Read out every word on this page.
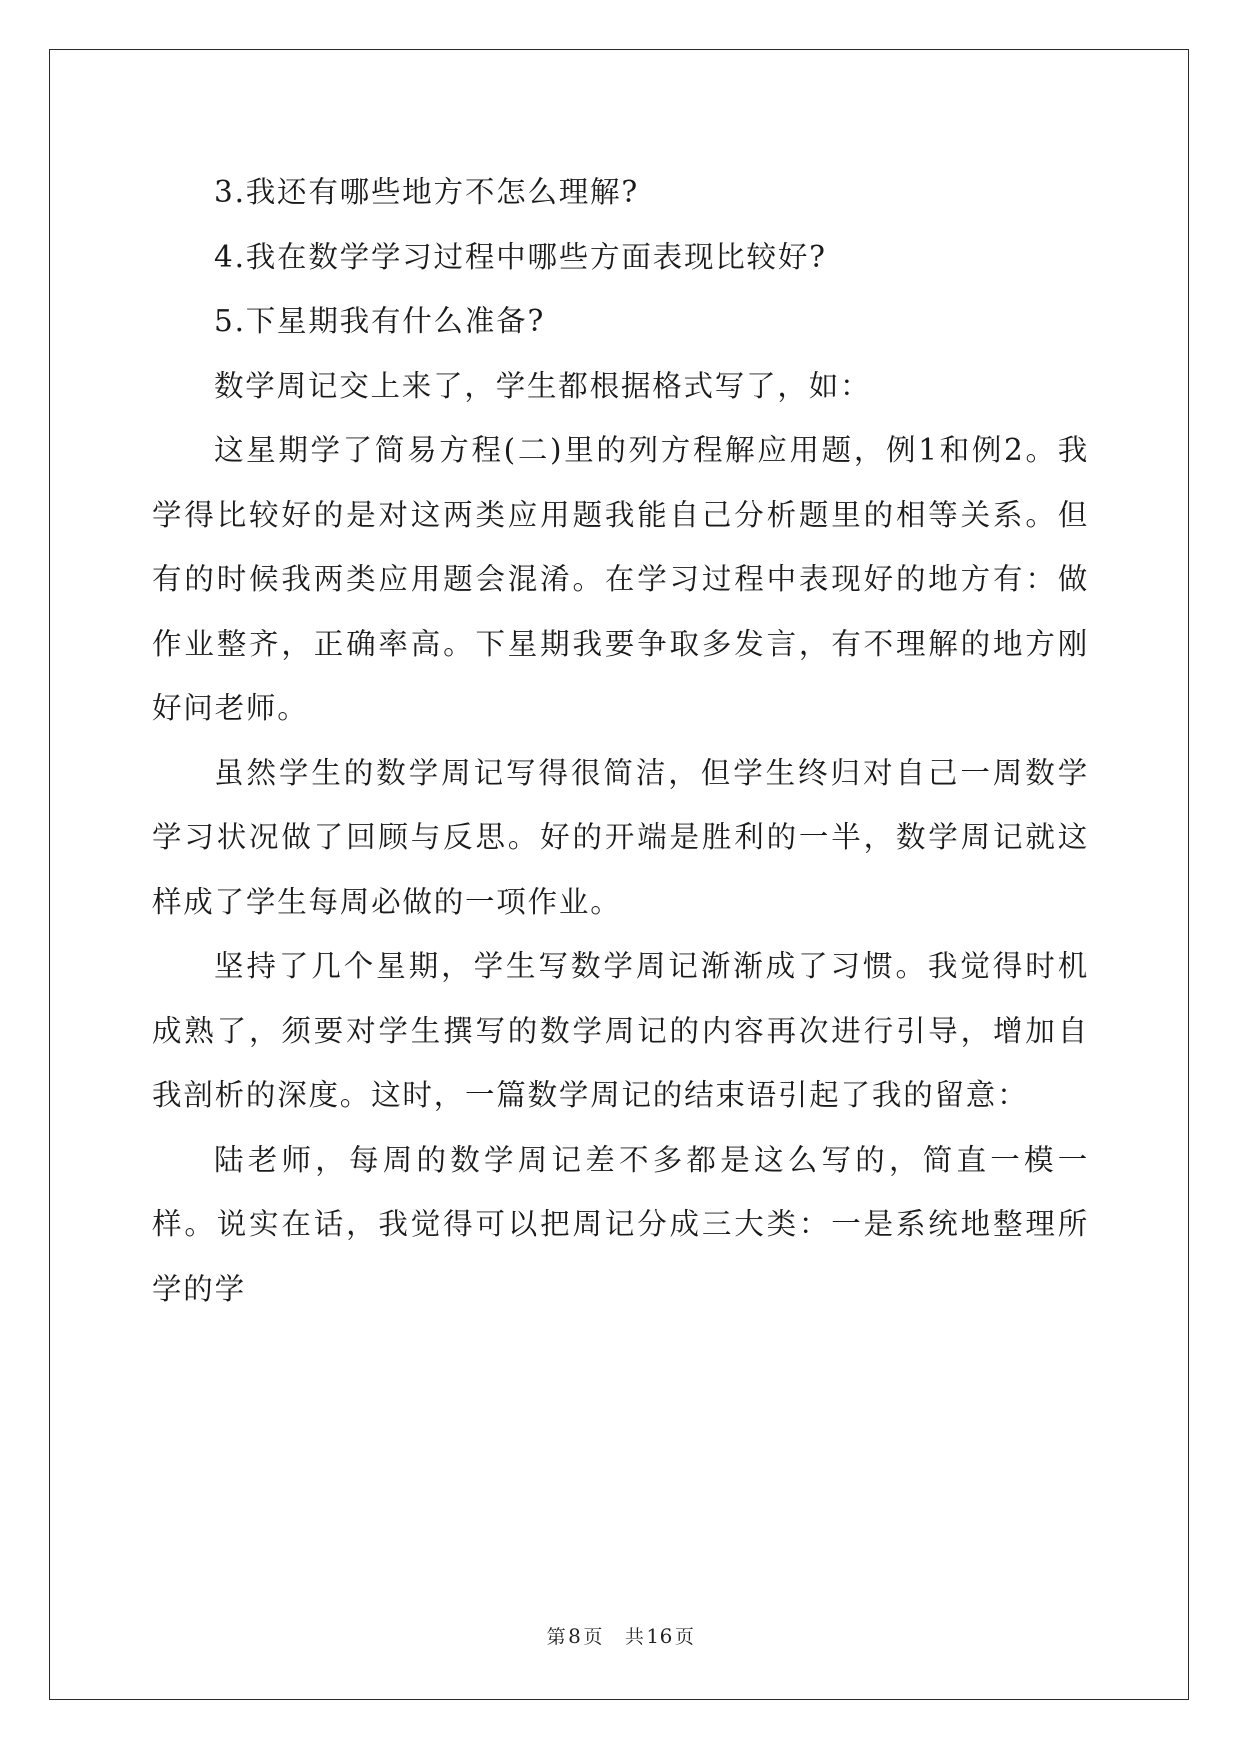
3.我还有哪些地方不怎么理解?

4.我在数学学习过程中哪些方面表现比较好?

5.下星期我有什么准备?

数学周记交上来了，学生都根据格式写了，如：

这星期学了简易方程(二)里的列方程解应用题，例1和例2。我学得比较好的是对这两类应用题我能自己分析题里的相等关系。但有的时候我两类应用题会混淆。在学习过程中表现好的地方有：做作业整齐，正确率高。下星期我要争取多发言，有不理解的地方刚好问老师。

虽然学生的数学周记写得很简洁，但学生终归对自己一周数学学习状况做了回顾与反思。好的开端是胜利的一半，数学周记就这样成了学生每周必做的一项作业。

坚持了几个星期，学生写数学周记渐渐成了习惯。我觉得时机成熟了，须要对学生撰写的数学周记的内容再次进行引导，增加自我剖析的深度。这时，一篇数学周记的结束语引起了我的留意：

陆老师，每周的数学周记差不多都是这么写的，简直一模一样。说实在话，我觉得可以把周记分成三大类：一是系统地整理所学的学

第 8 页 共 16 页
